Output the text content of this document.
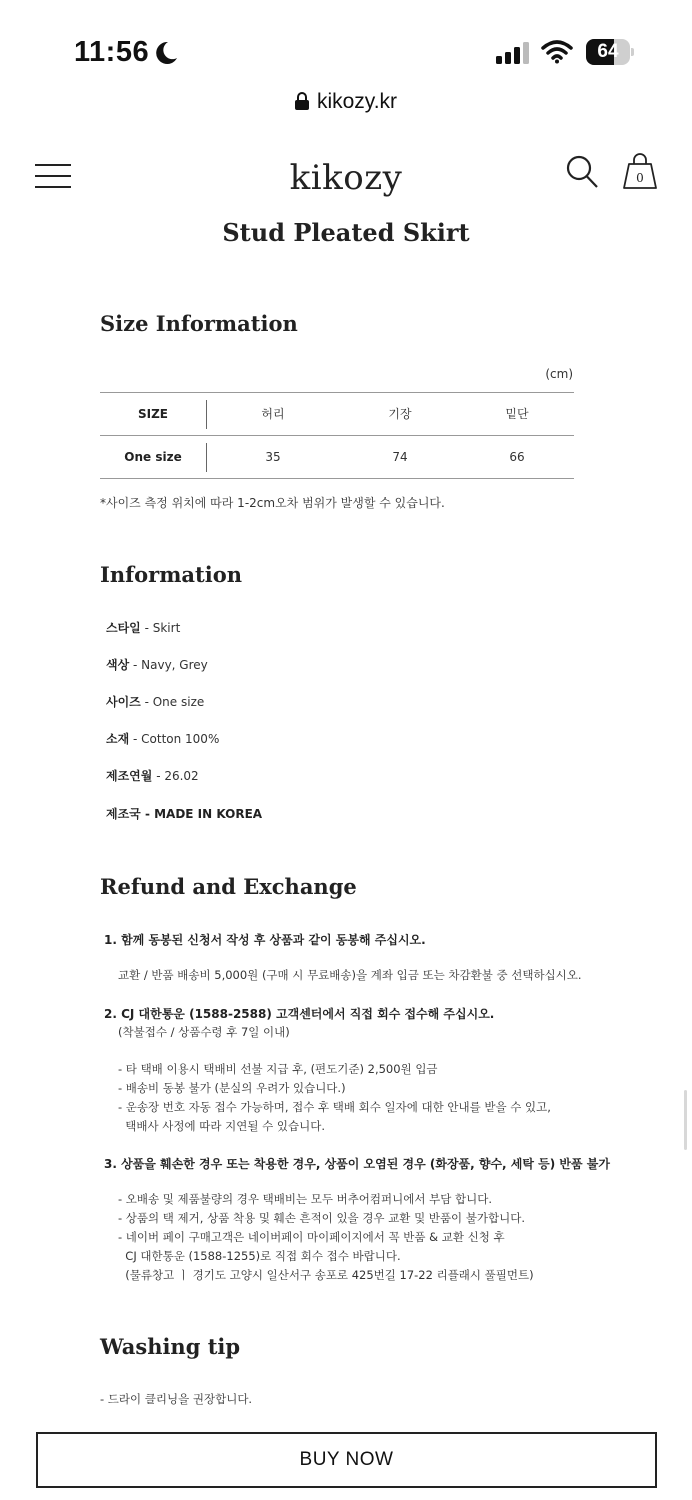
11:56	64
kikozy.kr
kikozy	0
Stud Pleated Skirt
Size Information
(cm)
SIZE	허리	기장	밑단
One size	35	74	66
*사이즈 측정 위치에 따라 1-2cm오차 범위가 발생할 수 있습니다.
Information
스타일 - Skirt
색상 - Navy, Grey
사이즈 - One size
소재 - Cotton 100%
제조연월 - 26.02
제조국 - MADE IN KOREA
Refund and Exchange
1. 함께 동봉된 신청서 작성 후 상품과 같이 동봉해 주십시오.
교환 / 반품 배송비 5,000원 (구매 시 무료배송)을 계좌 입금 또는 차감환불 중 선택하십시오.
2. CJ 대한통운 (1588-2588) 고객센터에서 직접 회수 접수해 주십시오.
(착불접수 / 상품수령 후 7일 이내)
- 타 택배 이용시 택배비 선불 지급 후, (편도기준) 2,500원 입금
- 배송비 동봉 불가 (분실의 우려가 있습니다.)
- 운송장 번호 자동 접수 가능하며, 접수 후 택배 회수 일자에 대한 안내를 받을 수 있고,
택배사 사정에 따라 지연될 수 있습니다.
3. 상품을 훼손한 경우 또는 착용한 경우, 상품이 오염된 경우 (화장품, 향수, 세탁 등) 반품 불가
- 오배송 및 제품불량의 경우 택배비는 모두 버추어컴퍼니에서 부담 합니다.
- 상품의 택 제거, 상품 착용 및 훼손 흔적이 있을 경우 교환 및 반품이 불가합니다.
- 네이버 페이 구매고객은 네이버페이 마이페이지에서 꼭 반품 & 교환 신청 후
CJ 대한통운 (1588-1255)로 직접 회수 접수 바랍니다.
(물류창고 ㅣ 경기도 고양시 일산서구 송포로 425번길 17-22 리플래시 풀필먼트)
Washing tip
- 드라이 클리닝을 권장합니다.
BUY NOW
